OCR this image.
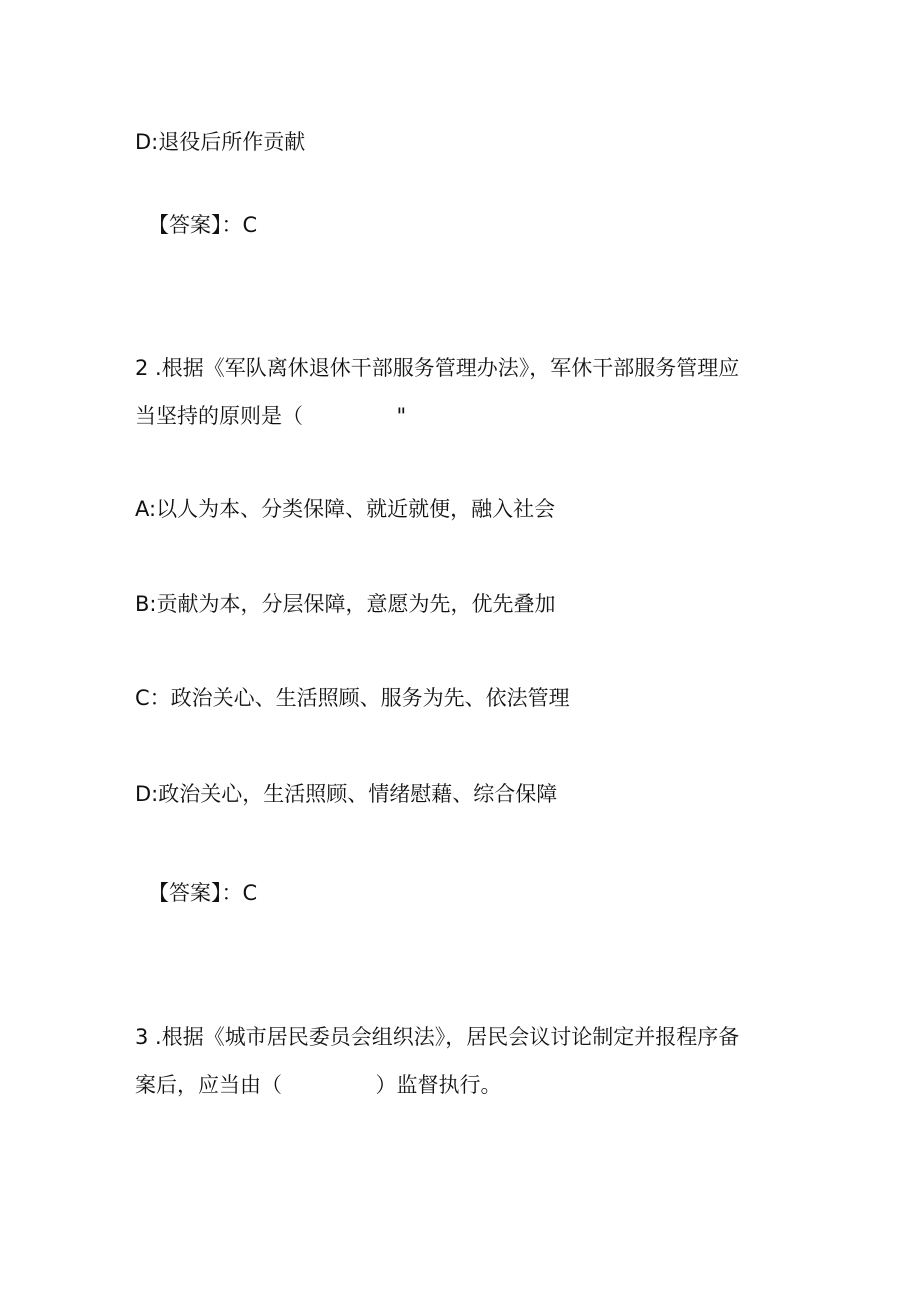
D:退役后所作贡献
【答案】：C
2 .根据《军队离休退休干部服务管理办法》，军休干部服务管理应
当坚持的原则是（              "
A:以人为本、分类保障、就近就便，融入社会
B:贡献为本，分层保障，意愿为先，优先叠加
C：政治关心、生活照顾、服务为先、依法管理
D:政治关心，生活照顾、情绪慰藉、综合保障
【答案】：C
3 .根据《城市居民委员会组织法》，居民会议讨论制定并报程序备
案后，应当由（              ）监督执行。
